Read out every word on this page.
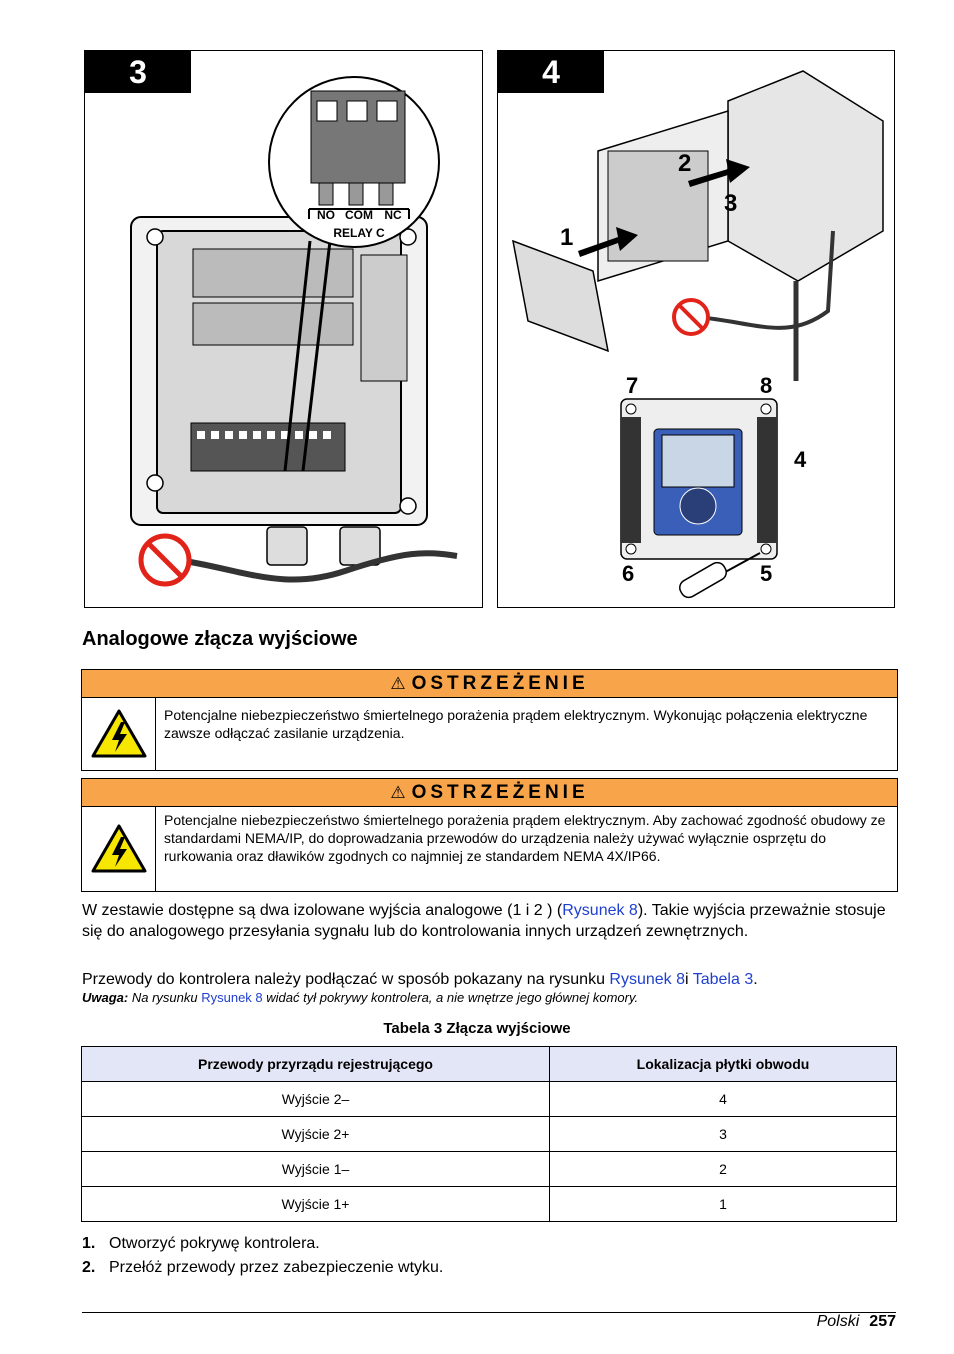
3
NO COM NC
RELAY C
4
1
2
3
7	8
4
6	5
Analogowe złącza wyjściowe
⚠ OSTRZEŻENIE
Potencjalne niebezpieczeństwo śmiertelnego porażenia prądem elektrycznym. Wykonując połączenia elektryczne zawsze odłączać zasilanie urządzenia.
⚠ OSTRZEŻENIE
Potencjalne niebezpieczeństwo śmiertelnego porażenia prądem elektrycznym. Aby zachować zgodność obudowy ze standardami NEMA/IP, do doprowadzania przewodów do urządzenia należy używać wyłącznie osprzętu do rurkowania oraz dławików zgodnych co najmniej ze standardem NEMA 4X/IP66.

W zestawie dostępne są dwa izolowane wyjścia analogowe (1 i 2 ) (Rysunek 8). Takie wyjścia przeważnie stosuje się do analogowego przesyłania sygnału lub do kontrolowania innych urządzeń zewnętrznych.

Przewody do kontrolera należy podłączać w sposób pokazany na rysunku Rysunek 8i Tabela 3.

Uwaga: Na rysunku Rysunek 8 widać tył pokrywy kontrolera, a nie wnętrze jego głównej komory.
Tabela 3 Złącza wyjściowe
Przewody przyrządu rejestrującego	Lokalizacja płytki obwodu
Wyjście 2–	4
Wyjście 2+	3
Wyjście 1–	2
Wyjście 1+	1
1. Otworzyć pokrywę kontrolera.
2. Przełóż przewody przez zabezpieczenie wtyku.
Polski 257
